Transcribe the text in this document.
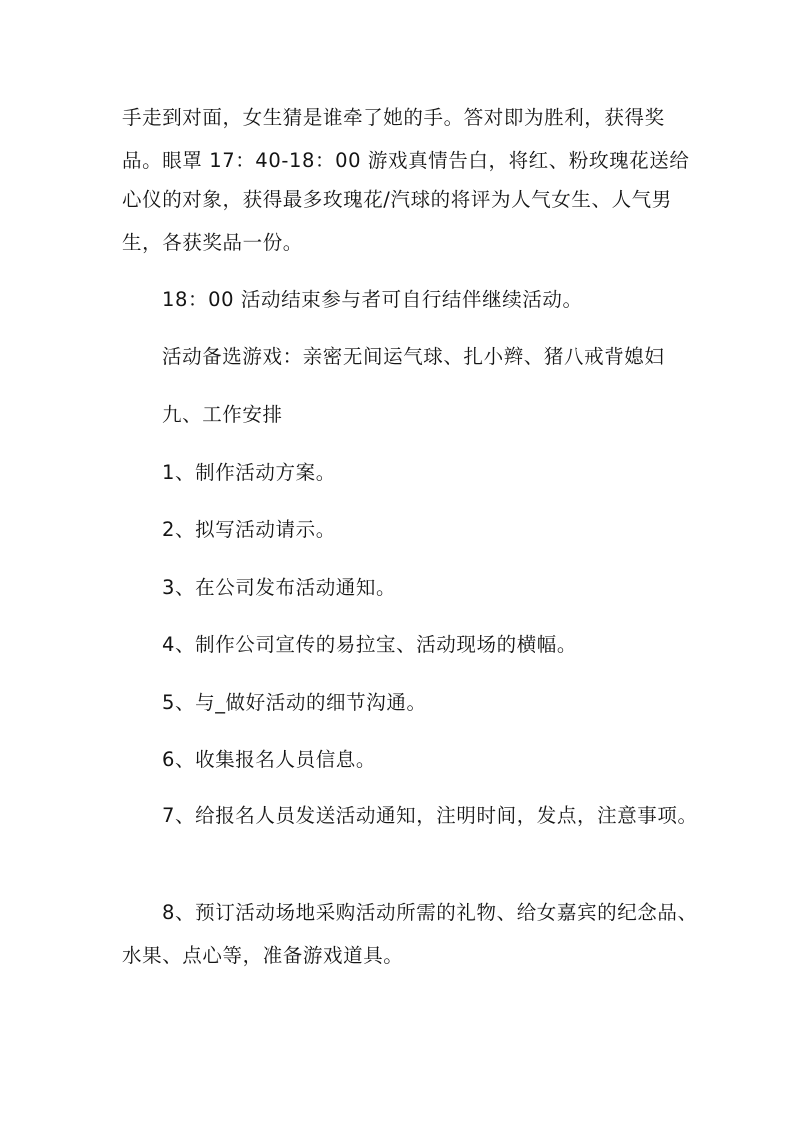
手走到对面，女生猜是谁牵了她的手。答对即为胜利，获得奖
品。眼罩 17：40-18：00 游戏真情告白，将红、粉玫瑰花送给
心仪的对象，获得最多玫瑰花/汽球的将评为人气女生、人气男
生，各获奖品一份。
18：00 活动结束参与者可自行结伴继续活动。
活动备选游戏：亲密无间运气球、扎小辫、猪八戒背媳妇
九、工作安排
1、制作活动方案。
2、拟写活动请示。
3、在公司发布活动通知。
4、制作公司宣传的易拉宝、活动现场的横幅。
5、与_做好活动的细节沟通。
6、收集报名人员信息。
7、给报名人员发送活动通知，注明时间，发点，注意事项。
8、预订活动场地采购活动所需的礼物、给女嘉宾的纪念品、
水果、点心等，准备游戏道具。
